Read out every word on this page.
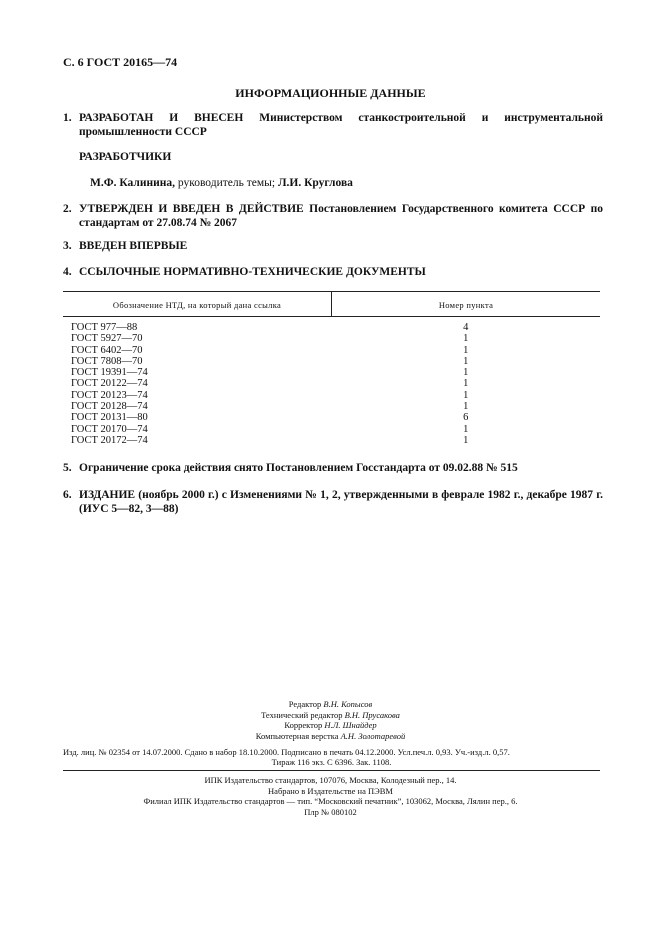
С. 6 ГОСТ 20165—74
ИНФОРМАЦИОННЫЕ ДАННЫЕ
1. РАЗРАБОТАН И ВНЕСЕН Министерством станкостроительной и инструментальной промышленности СССР
РАЗРАБОТЧИКИ
М.Ф. Калинина, руководитель темы; Л.И. Круглова
2. УТВЕРЖДЕН И ВВЕДЕН В ДЕЙСТВИЕ Постановлением Государственного комитета СССР по стандартам от 27.08.74 № 2067
3. ВВЕДЕН ВПЕРВЫЕ
4. ССЫЛОЧНЫЕ НОРМАТИВНО-ТЕХНИЧЕСКИЕ ДОКУМЕНТЫ
Обозначение НТД, на который дана ссылка	Номер пункта
ГОСТ 977—88	4
ГОСТ 5927—70	1
ГОСТ 6402—70	1
ГОСТ 7808—70	1
ГОСТ 19391—74	1
ГОСТ 20122—74	1
ГОСТ 20123—74	1
ГОСТ 20128—74	1
ГОСТ 20131—80	6
ГОСТ 20170—74	1
ГОСТ 20172—74	1
5. Ограничение срока действия снято Постановлением Госстандарта от 09.02.88 № 515
6. ИЗДАНИЕ (ноябрь 2000 г.) с Изменениями № 1, 2, утвержденными в феврале 1982 г., декабре 1987 г. (ИУС 5—82, 3—88)
Редактор В.Н. Копысов
Технический редактор В.Н. Прусакова
Корректор Н.Л. Шнайдер
Компьютерная верстка А.Н. Золотаревой
Изд. лиц. № 02354 от 14.07.2000. Сдано в набор 18.10.2000. Подписано в печать 04.12.2000. Усл.печ.л. 0,93. Уч.-изд.л. 0,57.
Тираж 116 экз. С 6396. Зак. 1108.
ИПК Издательство стандартов, 107076, Москва, Колодезный пер., 14.
Набрано в Издательстве на ПЭВМ
Филиал ИПК Издательство стандартов — тип. “Московский печатник”, 103062, Москва, Лялин пер., 6.
Плр № 080102
